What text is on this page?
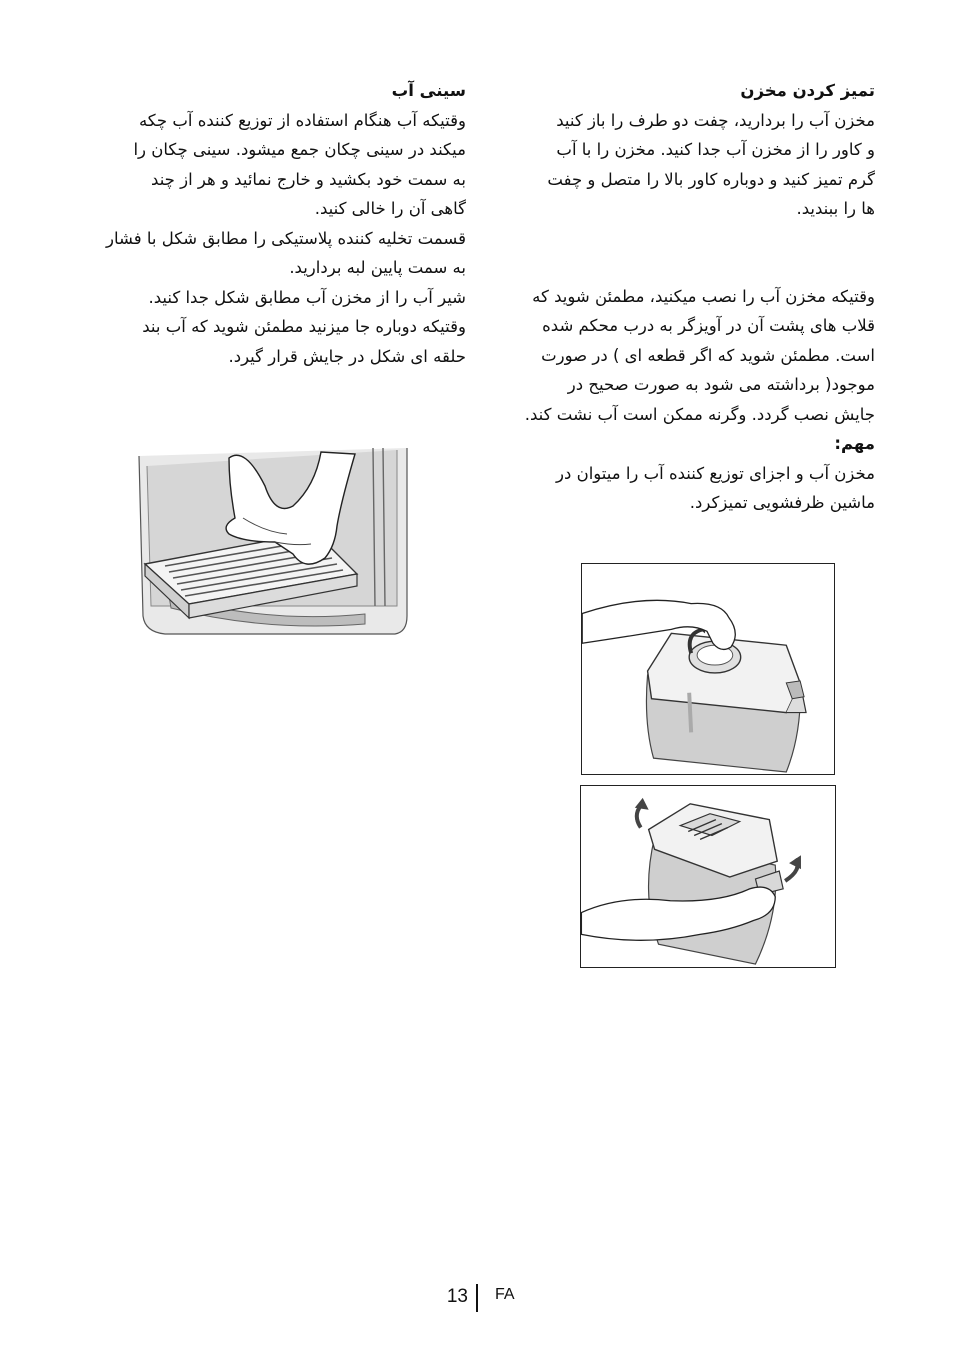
تمیز کردن مخزن

مخزن آب را برداريد، چفت دو طرف را باز کنيد

و کاور را از مخزن آب جدا کنيد. مخزن را با آب

گرم تميز کنيد و دوباره کاور بالا را متصل و چفت

ها را ببنديد.

وقتيکه مخزن آب را نصب ميکنيد، مطمئن شويد که

قلاب های پشت آن در آويزگر به درب محکم شده

است. مطمئن شويد که اگر قطعه ای ) در صورت

موجود( برداشته می شود به صورت صحيح در

جايش نصب گردد. وگرنه ممکن است آب نشت کند.

مهم:

مخزن آب و اجزای توزيع کننده آب را ميتوان در

ماشين ظرفشويی تميزکرد.

سينی آب

وقتيکه آب هنگام استفاده از توزيع کننده آب چکه

ميکند در سينی چکان جمع ميشود. سينی چکان را

به سمت خود بکشيد و خارج نمائيد و هر از چند

گاهی آن را خالی کنيد.

قسمت تخليه کننده پلاستيکی را مطابق شکل با فشار

به سمت پايين لبه برداريد.

شير آب را از مخزن آب مطابق شکل جدا کنيد.

وقتيکه دوباره جا ميزنيد مطمئن شويد که آب بند

حلقه ای شکل در جايش قرار گيرد.

13 FA
